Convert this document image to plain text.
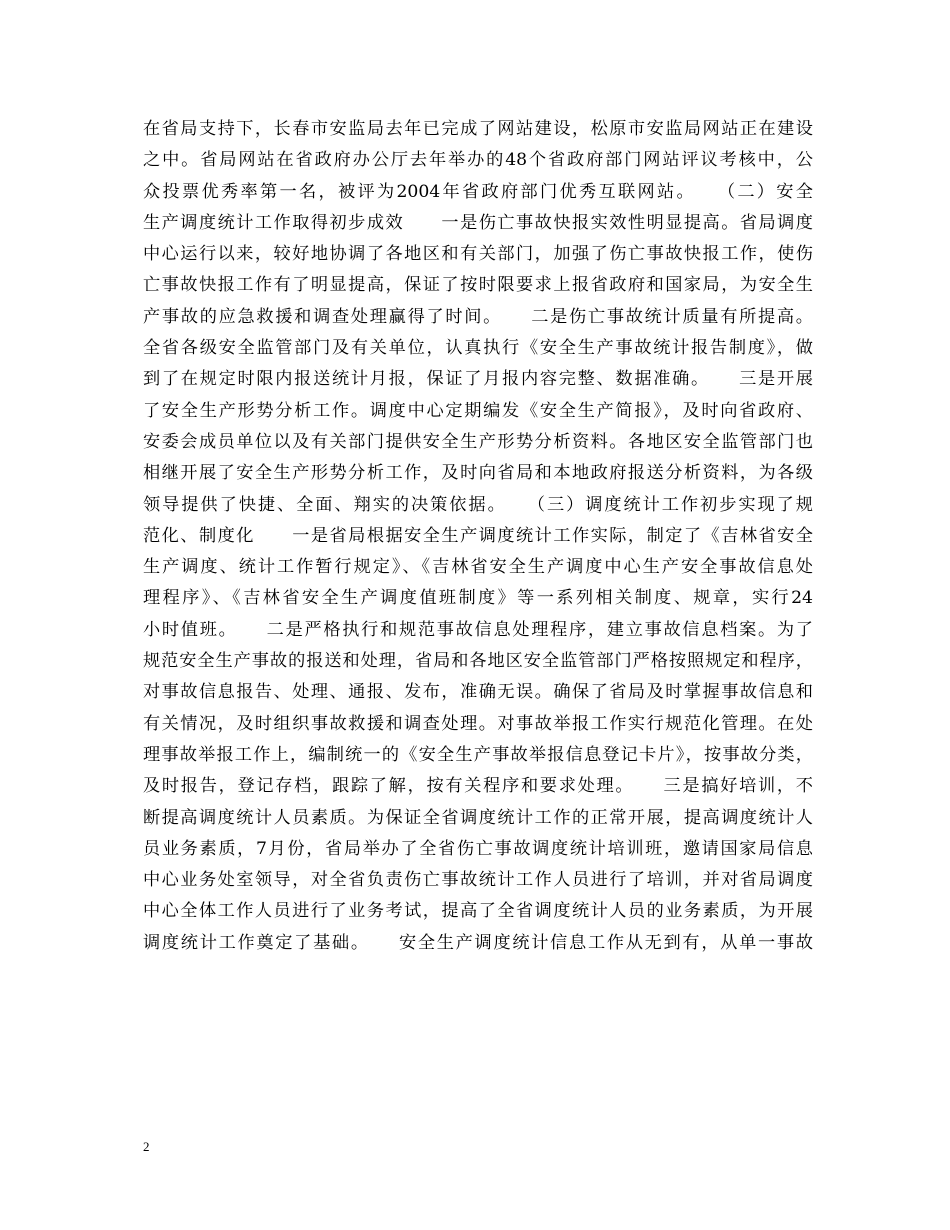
在省局支持下，长春市安监局去年已完成了网站建设，松原市安监局网站正在建设
之中。省局网站在省政府办公厅去年举办的48个省政府部门网站评议考核中，公
众投票优秀率第一名，被评为2004年省政府部门优秀互联网站。　　（二）安全
生产调度统计工作取得初步成效　　一是伤亡事故快报实效性明显提高。省局调度
中心运行以来，较好地协调了各地区和有关部门，加强了伤亡事故快报工作，使伤
亡事故快报工作有了明显提高，保证了按时限要求上报省政府和国家局，为安全生
产事故的应急救援和调查处理赢得了时间。　　二是伤亡事故统计质量有所提高。
全省各级安全监管部门及有关单位，认真执行《安全生产事故统计报告制度》，做
到了在规定时限内报送统计月报，保证了月报内容完整、数据准确。　　三是开展
了安全生产形势分析工作。调度中心定期编发《安全生产简报》，及时向省政府、
安委会成员单位以及有关部门提供安全生产形势分析资料。各地区安全监管部门也
相继开展了安全生产形势分析工作，及时向省局和本地政府报送分析资料，为各级
领导提供了快捷、全面、翔实的决策依据。　　（三）调度统计工作初步实现了规
范化、制度化　　一是省局根据安全生产调度统计工作实际，制定了《吉林省安全
生产调度、统计工作暂行规定》、《吉林省安全生产调度中心生产安全事故信息处
理程序》、《吉林省安全生产调度值班制度》等一系列相关制度、规章，实行24
小时值班。　　二是严格执行和规范事故信息处理程序，建立事故信息档案。为了
规范安全生产事故的报送和处理，省局和各地区安全监管部门严格按照规定和程序，
对事故信息报告、处理、通报、发布，准确无误。确保了省局及时掌握事故信息和
有关情况，及时组织事故救援和调查处理。对事故举报工作实行规范化管理。在处
理事故举报工作上，编制统一的《安全生产事故举报信息登记卡片》，按事故分类，
及时报告，登记存档，跟踪了解，按有关程序和要求处理。　　三是搞好培训，不
断提高调度统计人员素质。为保证全省调度统计工作的正常开展，提高调度统计人
员业务素质，7月份，省局举办了全省伤亡事故调度统计培训班，邀请国家局信息
中心业务处室领导，对全省负责伤亡事故统计工作人员进行了培训，并对省局调度
中心全体工作人员进行了业务考试，提高了全省调度统计人员的业务素质，为开展
调度统计工作奠定了基础。　　安全生产调度统计信息工作从无到有，从单一事故
2
